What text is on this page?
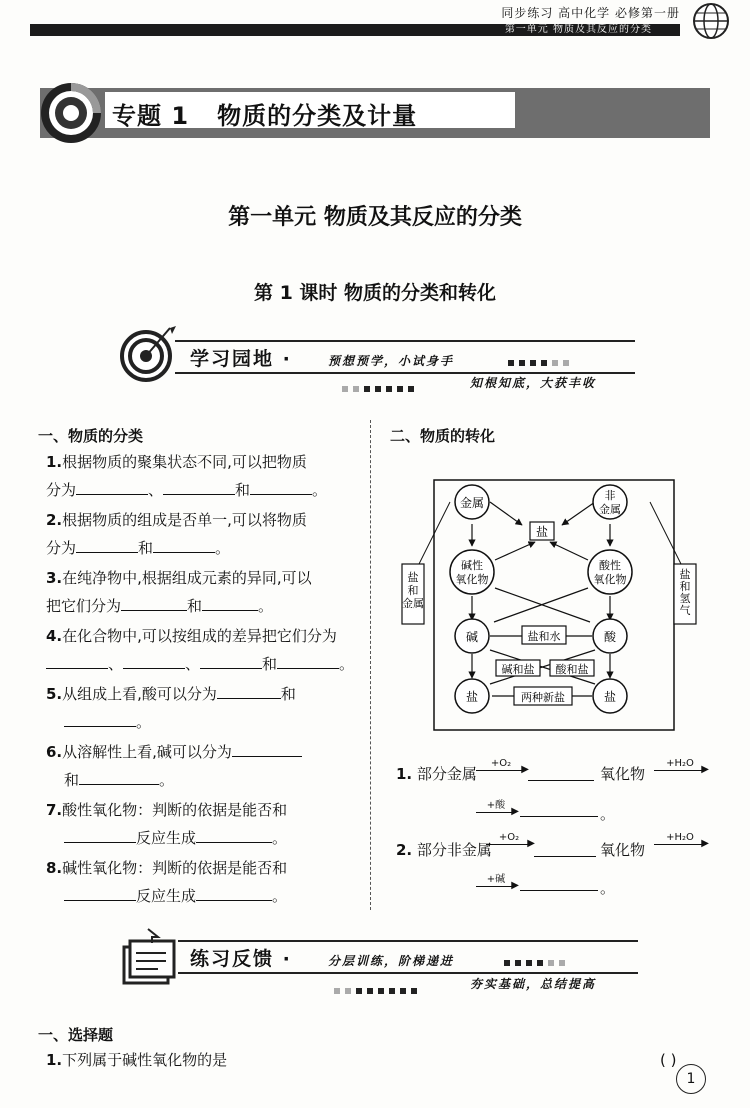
同步练习 高中化学 必修第一册
第一单元 物质及其反应的分类
专题 1 物质的分类及计量
第一单元 物质及其反应的分类
第 1 课时 物质的分类和转化
学习园地 ·	预想预学，小试身手
知根知底，大获丰收
一、物质的分类
1.根据物质的聚集状态不同,可以把物质
分为	、	和	。
2.根据物质的组成是否单一,可以将物质
分为	和	。
3.在纯净物中,根据组成元素的异同,可以
把它们分为	和	。
4.在化合物中,可以按组成的差异把它们分为
、	、	和	。
5.从组成上看,酸可以分为	和
。
6.从溶解性上看,碱可以分为
和	。
7.酸性氧化物：判断的依据是能否和
反应生成	。
8.碱性氧化物：判断的依据是能否和
反应生成	。
二、物质的转化
金属
非
金属
盐
碱性
氧化物
酸性
氧化物
盐
和
金属
盐
和
氢
气
碱	酸
盐和水
碱和盐 酸和盐
盐	盐
两种新盐
1. 部分金属
+O₂
▶	氧化物
+H₂O
▶
+酸
▶	。
2. 部分非金属
+O₂
▶	氧化物
+H₂O
▶
+碱
▶	。
练习反馈 ·	分层训练，阶梯递进
夯实基础，总结提高
一、选择题
1.下列属于碱性氧化物的是	( )
1
